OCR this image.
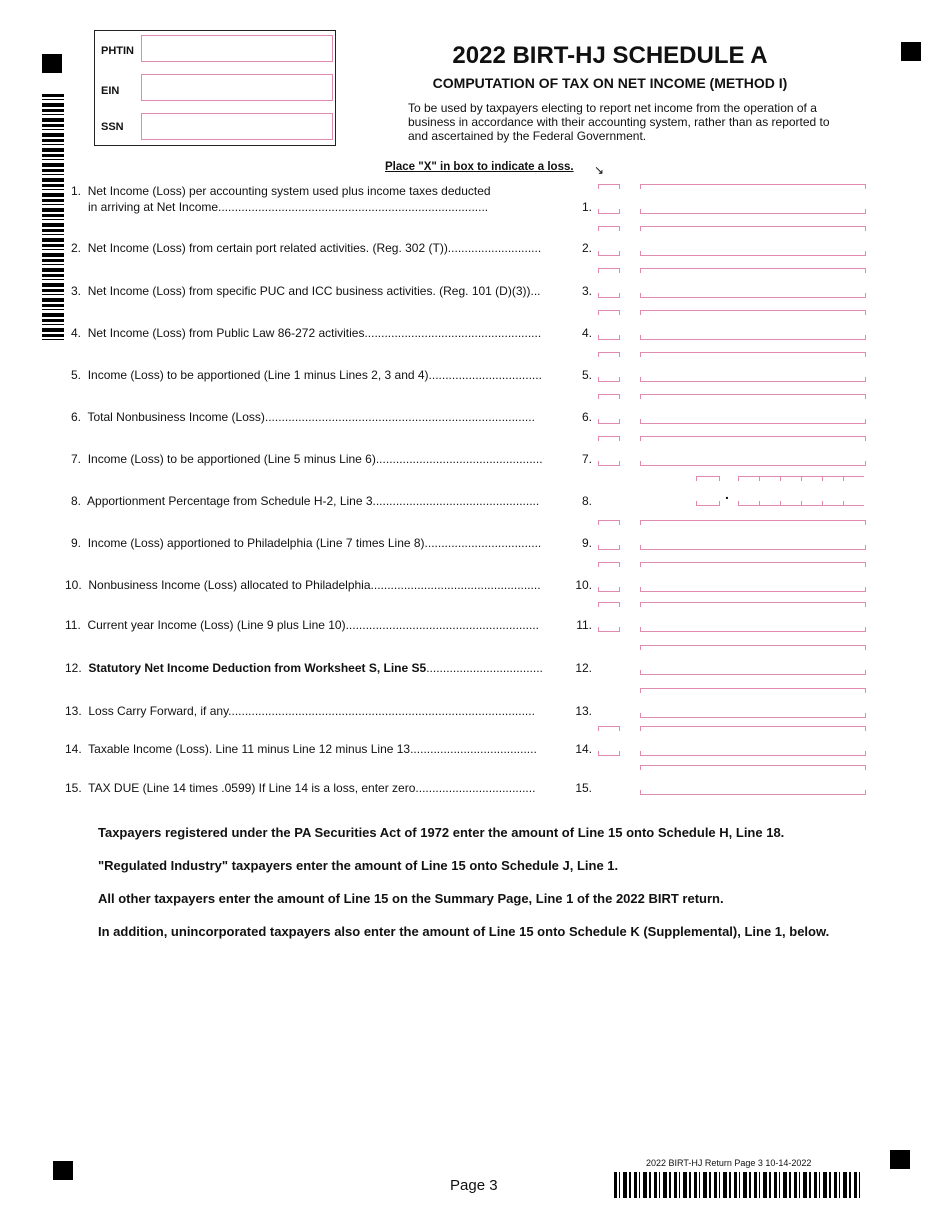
PHTIN
EIN
SSN
2022 BIRT-HJ SCHEDULE A
COMPUTATION OF TAX ON NET INCOME (METHOD I)
To be used by taxpayers electing to report net income from the operation of a business in accordance with their accounting system, rather than as reported to and ascertained by the Federal Government.
Place "X" in box to indicate a loss. ↘
1.  Net Income (Loss) per accounting system used plus income taxes deducted
in arriving at Net Income.................................................................................	1.
2.  Net Income (Loss) from certain port related activities. (Reg. 302 (T))............................	2.
3.  Net Income (Loss) from specific PUC and ICC business activities. (Reg. 101 (D)(3))...	3.
4.  Net Income (Loss) from Public Law 86-272 activities.....................................................	4.
5.  Income (Loss) to be apportioned (Line 1 minus Lines 2, 3 and 4)..................................	5.
6.  Total Nonbusiness Income (Loss).................................................................................	6.
7.  Income (Loss) to be apportioned (Line 5 minus Line 6)..................................................	7.
8.  Apportionment Percentage from Schedule H-2, Line 3..................................................	8.	.
9.  Income (Loss) apportioned to Philadelphia (Line 7 times Line 8)...................................	9.
10.  Nonbusiness Income (Loss) allocated to Philadelphia...................................................	10.
11.  Current year Income (Loss) (Line 9 plus Line 10)..........................................................	11.
12.  Statutory Net Income Deduction from Worksheet S, Line S5...................................	12.
13.  Loss Carry Forward, if any............................................................................................	13.
14.  Taxable Income (Loss). Line 11 minus Line 12 minus Line 13......................................	14.
15.  TAX DUE (Line 14 times .0599) If Line 14 is a loss, enter zero....................................	15.
Taxpayers registered under the PA Securities Act of 1972 enter the amount of Line 15 onto Schedule H, Line 18.
"Regulated Industry" taxpayers enter the amount of Line 15 onto Schedule J, Line 1.
All other taxpayers enter the amount of Line 15 on the Summary Page, Line 1 of the 2022 BIRT return.
In addition, unincorporated taxpayers also enter the amount of Line 15 onto Schedule K (Supplemental), Line 1, below.
2022 BIRT-HJ Return Page 3 10-14-2022
Page 3
